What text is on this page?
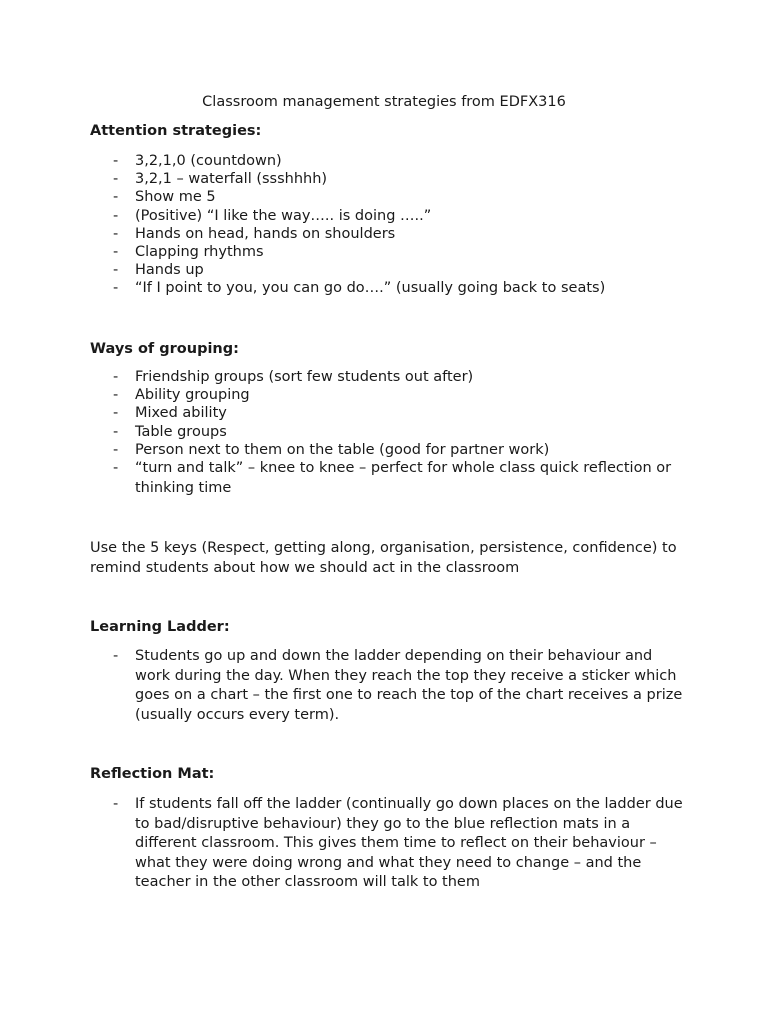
Classroom management strategies from EDFX316
Attention strategies:
- 3,2,1,0 (countdown)
- 3,2,1 – waterfall (ssshhhh)
- Show me 5
- (Positive) “I like the way….. is doing …..”
- Hands on head, hands on shoulders
- Clapping rhythms
- Hands up
- “If I point to you, you can go do….” (usually going back to seats)
Ways of grouping:
- Friendship groups (sort few students out after)
- Ability grouping
- Mixed ability
- Table groups
- Person next to them on the table (good for partner work)
- “turn and talk” – knee to knee – perfect for whole class quick reflection or thinking time
Use the 5 keys (Respect, getting along, organisation, persistence, confidence) to remind students about how we should act in the classroom
Learning Ladder:
- Students go up and down the ladder depending on their behaviour and work during the day. When they reach the top they receive a sticker which goes on a chart – the first one to reach the top of the chart receives a prize (usually occurs every term).
Reflection Mat:
- If students fall off the ladder (continually go down places on the ladder due to bad/disruptive behaviour) they go to the blue reflection mats in a different classroom. This gives them time to reflect on their behaviour – what they were doing wrong and what they need to change – and the teacher in the other classroom will talk to them
